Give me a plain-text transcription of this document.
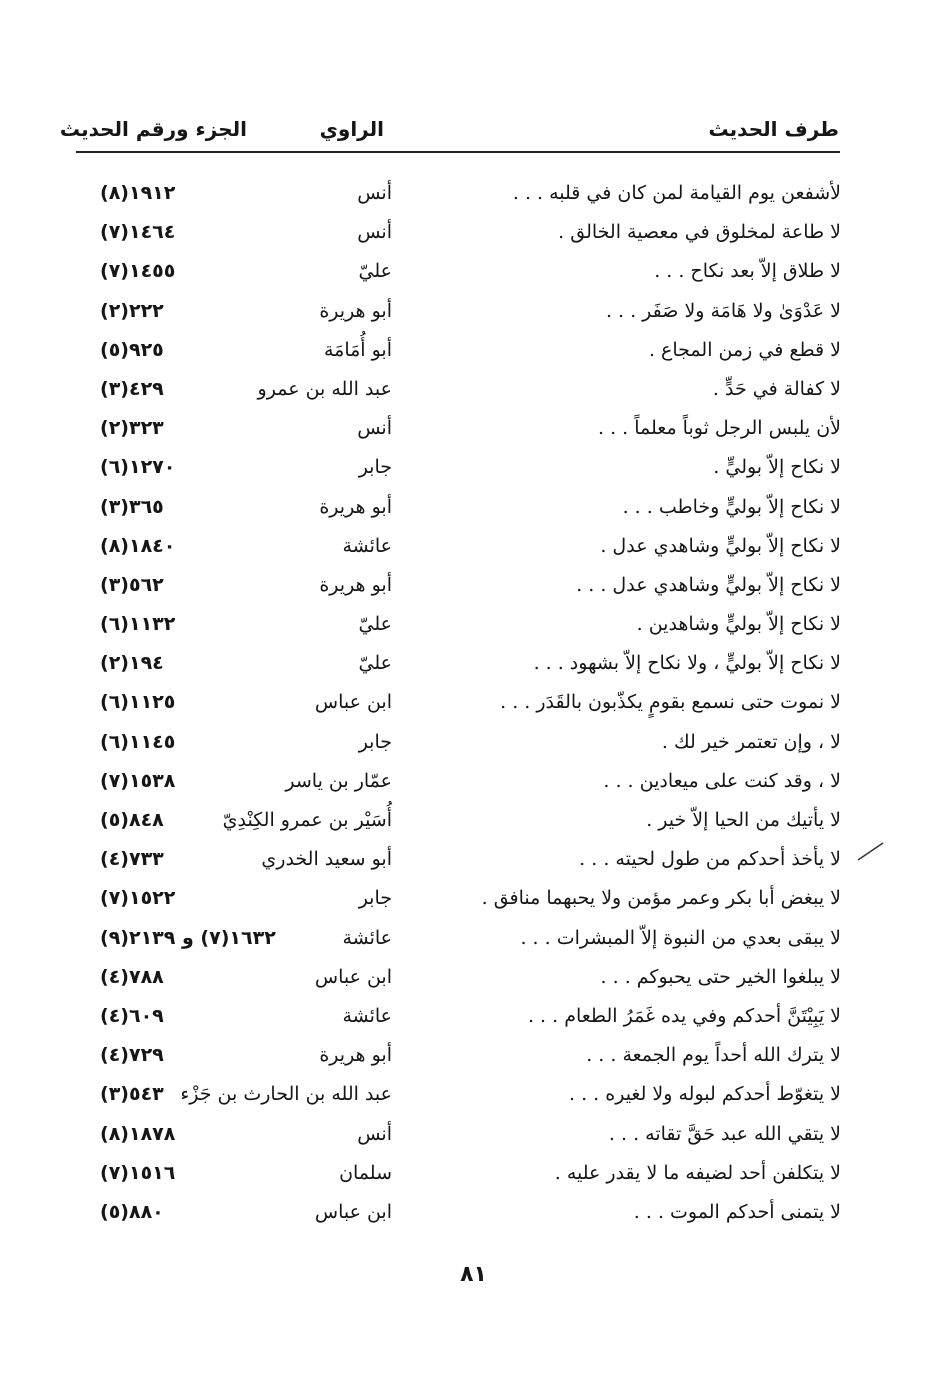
طرف الحديث
الراوي
الجزء ورقم الحديث
لأشفعن يوم القيامة لمن كان في قلبه . . .
أنس
١٩١٢(٨)
لا طاعة لمخلوق في معصية الخالق .
أنس
١٤٦٤(٧)
لا طلاق إلاّ بعد نكاح . . .
عليّ
١٤٥٥(٧)
لا عَدْوَىٰ ولا هَامَة ولا صَفَر . . .
أبو هريرة
٢٢٢(٢)
لا قطع في زمن المجاع .
أبو أُمَامَة
٩٢٥(٥)
لا كفالة في حَدٍّ .
عبد الله بن عمرو
٤٢٩(٣)
لأن يلبس الرجل ثوباً معلماً . . .
أنس
٣٢٣(٢)
لا نكاح إلاّ بوليٍّ .
جابر
١٢٧٠(٦)
لا نكاح إلاّ بوليٍّ وخاطب . . .
أبو هريرة
٣٦٥(٣)
لا نكاح إلاّ بوليٍّ وشاهدي عدل .
عائشة
١٨٤٠(٨)
لا نكاح إلاّ بوليٍّ وشاهدي عدل . . .
أبو هريرة
٥٦٢(٣)
لا نكاح إلاّ بوليٍّ وشاهدين .
عليّ
١١٣٢(٦)
لا نكاح إلاّ بوليٍّ ، ولا نكاح إلاّ بشهود . . .
عليّ
١٩٤(٢)
لا نموت حتى نسمع بقومٍ يكذّبون بالقَدَر . . .
ابن عباس
١١٢٥(٦)
لا ، وإن تعتمر خير لك .
جابر
١١٤٥(٦)
لا ، وقد كنت على ميعادين . . .
عمّار بن ياسر
١٥٣٨(٧)
لا يأتيك من الحيا إلاّ خير .
أُسَيْر بن عمرو الكِنْدِيّ
٨٤٨(٥)
لا يأخذ أحدكم من طول لحيته . . .
أبو سعيد الخدري
٧٣٣(٤)
لا يبغض أبا بكر وعمر مؤمن ولا يحبهما منافق .
جابر
١٥٢٢(٧)
لا يبقى بعدي من النبوة إلاّ المبشرات . . .
عائشة
١٦٣٢(٧) و ٢١٣٩(٩)
لا يبلغوا الخير حتى يحبوكم . . .
ابن عباس
٧٨٨(٤)
لا يَبِيْتَنَّ أحدكم وفي يده غَمَرُ الطعام . . .
عائشة
٦٠٩(٤)
لا يترك الله أحداً يوم الجمعة . . .
أبو هريرة
٧٢٩(٤)
لا يتغوّط أحدكم لبوله ولا لغيره . . .
عبد الله بن الحارث بن جَزْء
٥٤٣(٣)
لا يتقي الله عبد حَقَّ تقاته . . .
أنس
١٨٧٨(٨)
لا يتكلفن أحد لضيفه ما لا يقدر عليه .
سلمان
١٥١٦(٧)
لا يتمنى أحدكم الموت . . .
ابن عباس
٨٨٠(٥)
٨١
